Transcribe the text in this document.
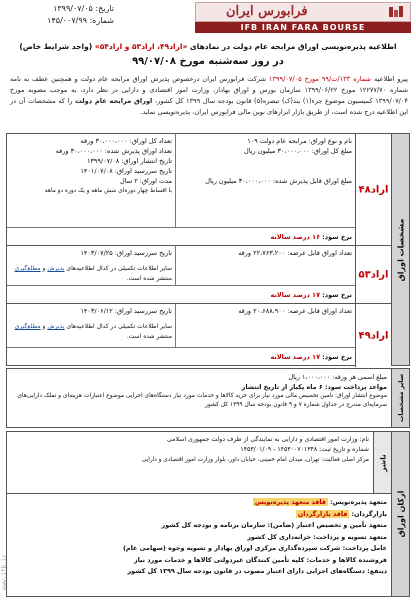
تاریخ: ۱۳۹۹/۰۷/۰۵
شماره: ۱۴۵/۰۰۷/۹۹
فرابورس ایران
IFB IRAN FARA BOURSE
اطلاعیه پذیره‌نویسی اوراق مرابحه عام دولت در نمادهای «اراد۴۹، اراد۵۳ و اراد۵۴» (واجد شرایط خاص)
در روز سه‌شنبه مورخ ۹۹/۰۷/۰۸
پیرو اطلاعیه شماره ۱۳۳/ت/۹۹ مورخ ۱۳۹۹/۰۷/۰۵ شرکت فرابورس ایران درخصوص پذیرش اوراق مرابحه عام دولت و همچنین عطف به نامه شماره ۱۲۲۷۷/۷۰ مورخ ۱۳۹۹/۰۶/۲۲ سازمان بورس و اوراق بهادار، وزارت امور اقتصادی و دارایی در نظر دارد، به موجب مصوبه مورخ ۱۳۹۹/۰۷/۰۴ کمیسیون موضوع جزء(۱) بند(ک) تبصره(۵) قانون بودجه سال ۱۳۹۹ کل کشور، اوراق مرابحه عام دولت را که مشخصات آن در این اطلاعیه درج شده است، از طریق بازار ابزارهای نوین مالی فرابورس ایران، پذیره‌نویسی نماید.
مشخصات اوراق
اراد۴۸
نام و نوع اوراق: مرابحه عام دولت ۱۰۹
مبلغ کل اوراق: ۳۰،۰۰۰،۰۰۰ میلیون ریال
مبلغ اوراق قابل پذیرش شده: ۳۰،۰۰۰،۰۰۰ میلیون ریال
تعداد کل اوراق: ۳۰،۰۰۰،۰۰۰ ورقه
تعداد اوراق پذیرش شده: ۳۰،۰۰۰،۰۰۰ ورقه
تاریخ انتشار اوراق: ۱۳۹۹/۰۷/۰۸
تاریخ سررسید اوراق: ۱۴۰۱/۰۷/۰۸
مدت اوراق: ۲ سال
با اقساط چهار دوره‌ای شش ماهه و یک دوره دو ماهه
نرخ سود: ۱۶ درصد سالانه
اراد۵۳
تعداد اوراق قابل عرضه: ۲۲،۷۶۳،۲۰۰ ورقه
تاریخ سررسید اوراق: ۱۴۰۳/۰۷/۲۵
سایر اطلاعات تکمیلی در کدال اطلاعیه‌های پذیرش و مطلع‌گیری منتشر شده است.
نرخ سود: ۱۷ درصد سالانه
اراد۴۹
تعداد اوراق قابل عرضه: ۲۰،۶۸۸،۹۰۰ ورقه
تاریخ سررسید اوراق: ۱۴۰۳/۰۶/۱۲
سایر اطلاعات تکمیلی در کدال اطلاعیه‌های پذیرش و مطلع‌گیری منتشر شده است.
نرخ سود: ۱۷ درصد سالانه
سایر مشخصات
مبلغ اسمی هر ورقه: ۱،۰۰۰،۰۰۰ ریال
مواعد پرداخت سود: ۶ ماه یکبار از تاریخ انتشار
موضوع انتشار اوراق: تامین تخصیص مالی مورد نیاز برای خرید کالاها و خدمات مورد نیاز دستگاه‌های اجرایی موضوع اعتبارات هزینه‌ای و تملک دارایی‌های سرمایه‌ای مندرج در جداول شماره ۷ و ۹ قانون بودجه سال ۱۳۹۹ کل کشور
ارکان اوراق
ناشر
نام: وزارت امور اقتصادی و دارایی به نمایندگی از طرف دولت جمهوری اسلامی
شماره و تاریخ ثبت: ۱۴۵۳۰۰۷۰۱۳۴۸ - ۱۴۵۳/۰۱/۰۹
مرکز اصلی فعالیت: تهران، میدان امام خمینی، خیابان داور، بلوار وزارت امور اقتصادی و دارایی
متعهد پذیره‌نویس: فاقد متعهد پذیره‌نویس
بازارگردان: فاقد بازارگردان
متعهد تأمین و تخصیص اعتبار (ضامن): سازمان برنامه و بودجه کل کشور
متعهد تسویه و پرداخت: خزانه‌داری کل کشور
عامل پرداخت: شرکت سپرده‌گذاری مرکزی اوراق بهادار و تسویه وجوه (سهامی عام)
فروشنده کالاها و خدمات: کلیه تأمین کنندگان غیردولتی کالاها و خدمات مورد نیاز
ذینفع: دستگاه‌های اجرایی دارای اعتبار مصوب در قانون بودجه سال ۱۳۹۹ کل کشور
www.ifb.ir
